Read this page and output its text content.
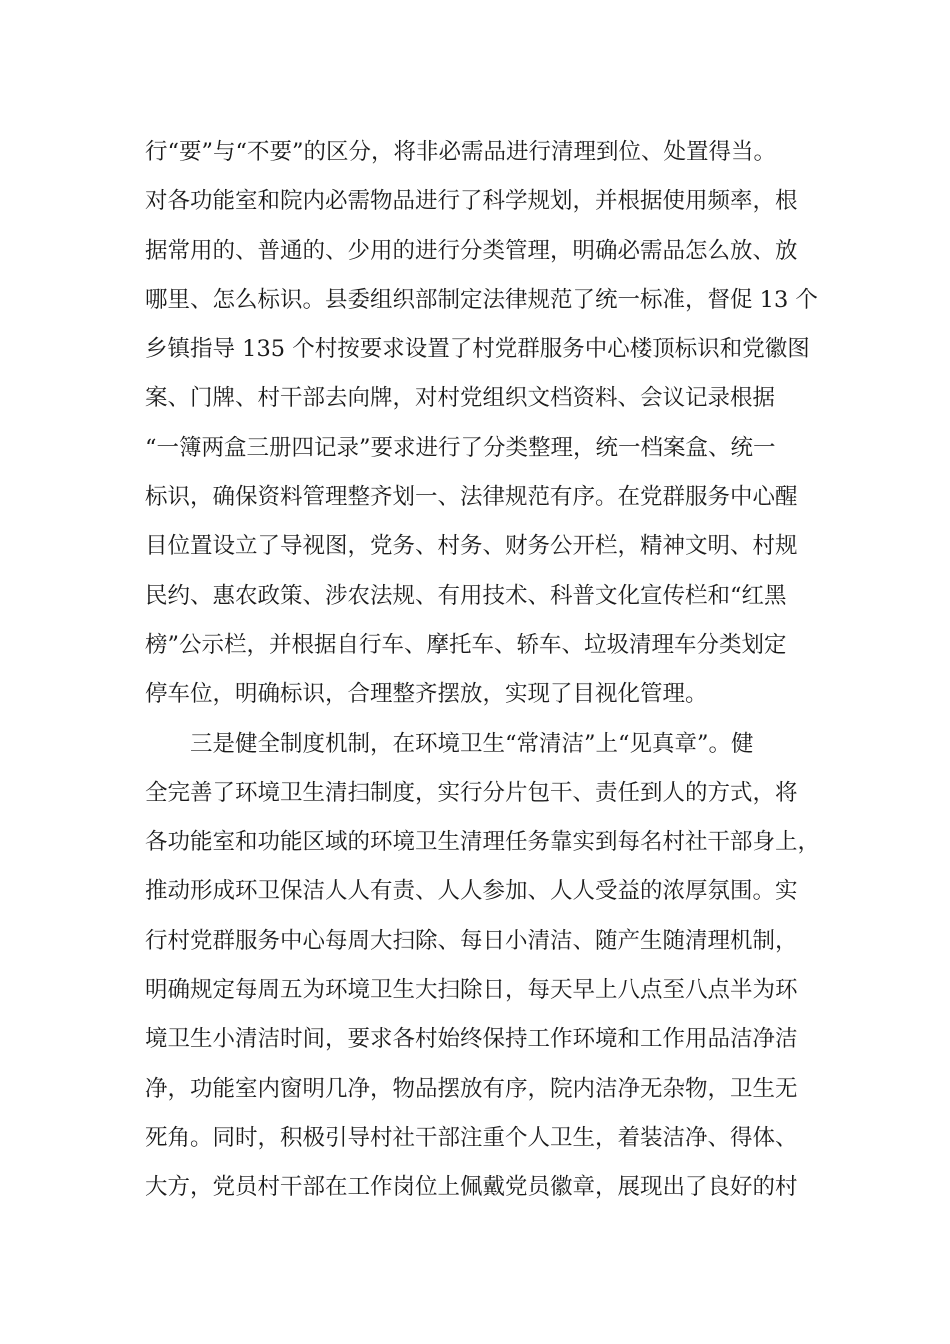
行“要”与“不要”的区分，将非必需品进行清理到位、处置得当。
对各功能室和院内必需物品进行了科学规划，并根据使用频率，根
据常用的、普通的、少用的进行分类管理，明确必需品怎么放、放
哪里、怎么标识。县委组织部制定法律规范了统一标准，督促 13 个
乡镇指导 135 个村按要求设置了村党群服务中心楼顶标识和党徽图
案、门牌、村干部去向牌，对村党组织文档资料、会议记录根据
“一簿两盒三册四记录”要求进行了分类整理，统一档案盒、统一
标识，确保资料管理整齐划一、法律规范有序。在党群服务中心醒
目位置设立了导视图，党务、村务、财务公开栏，精神文明、村规
民约、惠农政策、涉农法规、有用技术、科普文化宣传栏和“红黑
榜”公示栏，并根据自行车、摩托车、轿车、垃圾清理车分类划定
停车位，明确标识，合理整齐摆放，实现了目视化管理。
三是健全制度机制，在环境卫生“常清洁”上“见真章”。健
全完善了环境卫生清扫制度，实行分片包干、责任到人的方式，将
各功能室和功能区域的环境卫生清理任务靠实到每名村社干部身上，
推动形成环卫保洁人人有责、人人参加、人人受益的浓厚氛围。实
行村党群服务中心每周大扫除、每日小清洁、随产生随清理机制，
明确规定每周五为环境卫生大扫除日，每天早上八点至八点半为环
境卫生小清洁时间，要求各村始终保持工作环境和工作用品洁净洁
净，功能室内窗明几净，物品摆放有序，院内洁净无杂物，卫生无
死角。同时，积极引导村社干部注重个人卫生，着装洁净、得体、
大方，党员村干部在工作岗位上佩戴党员徽章，展现出了良好的村
